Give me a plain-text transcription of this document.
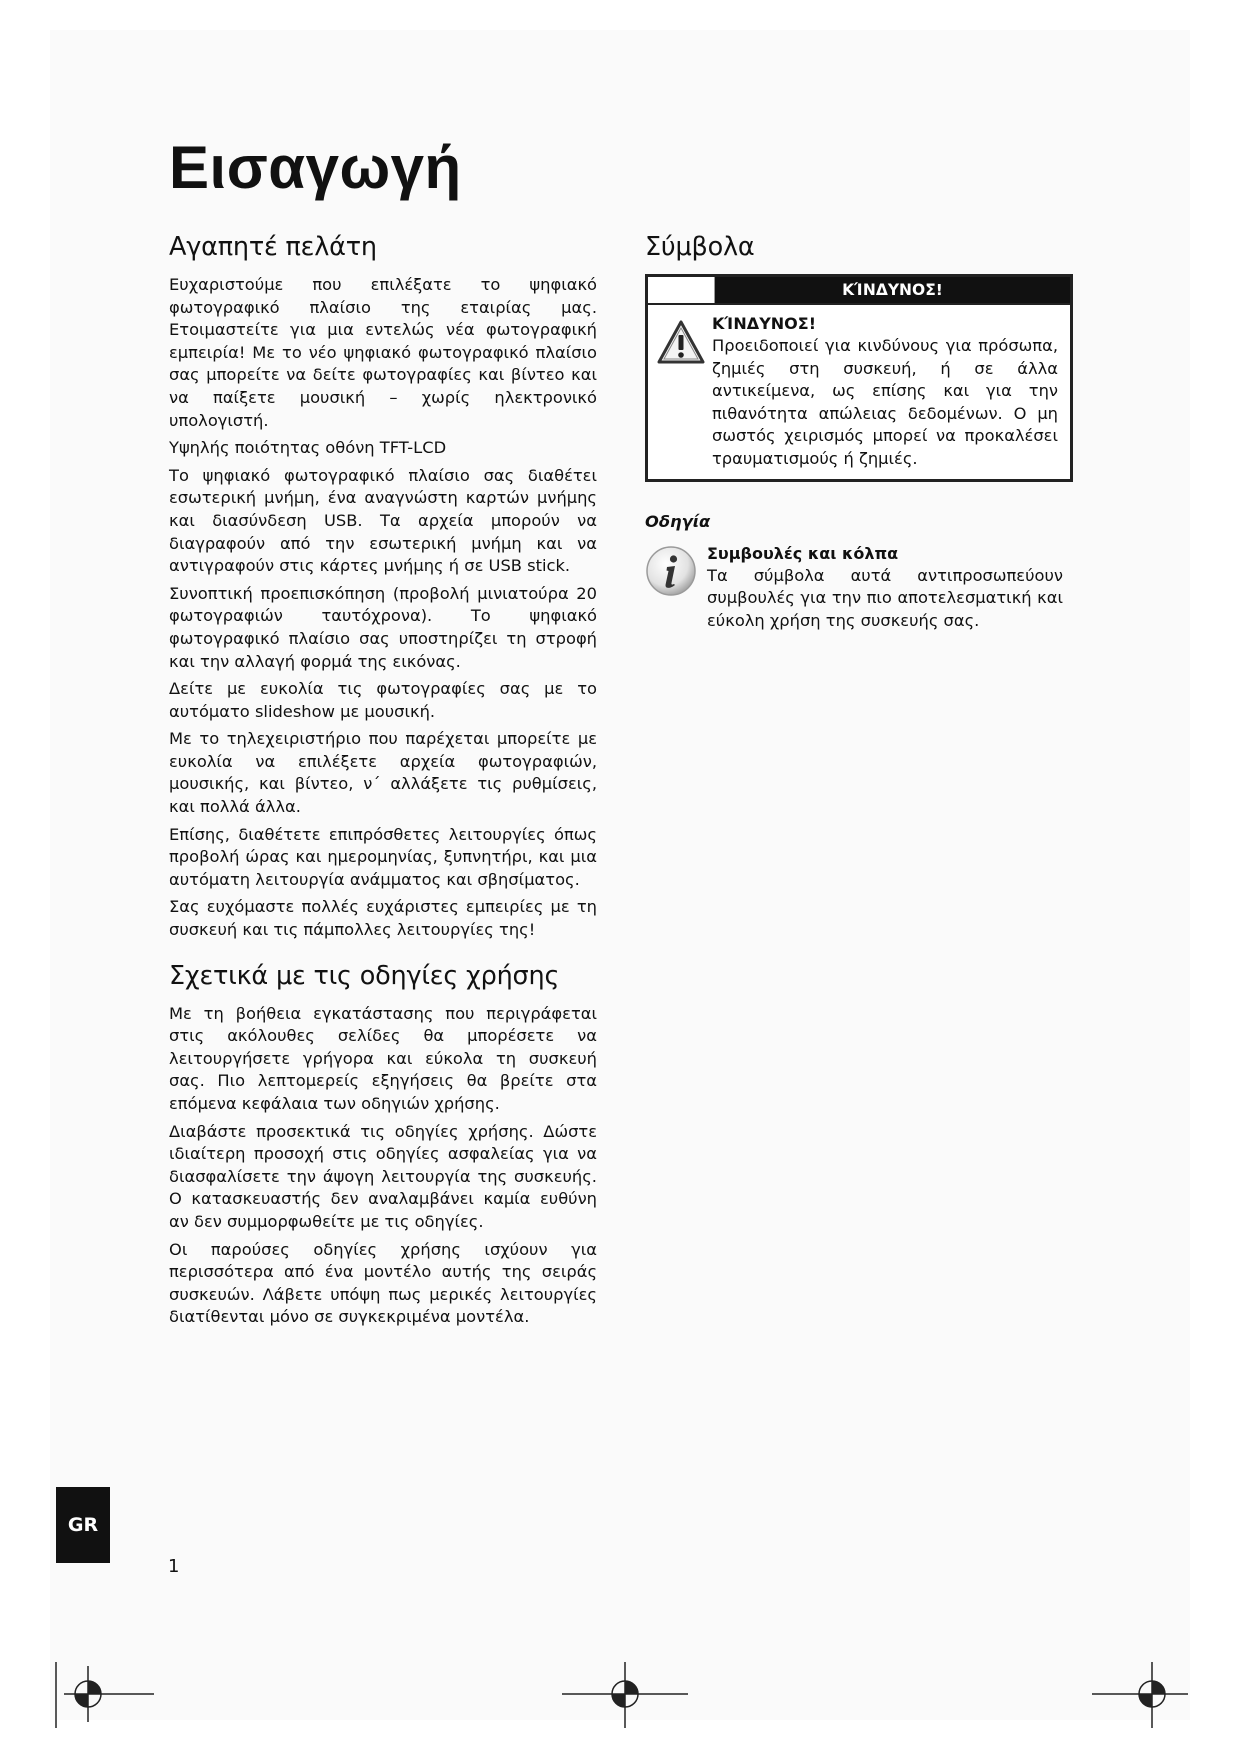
Εισαγωγή
Αγαπητέ πελάτη

Ευχαριστούμε που επιλέξατε το ψηφιακό φωτογραφικό πλαίσιο της εταιρίας μας. Ετοιμαστείτε για μια εντελώς νέα φωτογραφική εμπειρία! Με το νέο ψηφιακό φωτογραφικό πλαίσιο σας μπορείτε να δείτε φωτογραφίες και βίντεο και να παίξετε μουσική – χωρίς ηλεκτρονικό υπολογιστή.

Υψηλής ποιότητας οθόνη TFT-LCD

Το ψηφιακό φωτογραφικό πλαίσιο σας διαθέτει εσωτερική μνήμη, ένα αναγνώστη καρτών μνήμης και διασύνδεση USB. Τα αρχεία μπορούν να διαγραφούν από την εσωτερική μνήμη και να αντιγραφούν στις κάρτες μνήμης ή σε USB stick.

Συνοπτική προεπισκόπηση (προβολή μινιατούρα 20 φωτογραφιών ταυτόχρονα). Το ψηφιακό φωτογραφικό πλαίσιο σας υποστηρίζει τη στροφή και την αλλαγή φορμά της εικόνας.

Δείτε με ευκολία τις φωτογραφίες σας με το αυτόματο slideshow με μουσική.

Με το τηλεχειριστήριο που παρέχεται μπορείτε με ευκολία να επιλέξετε αρχεία φωτογραφιών, μουσικής, και βίντεο, ν΄ αλλάξετε τις ρυθμίσεις, και πολλά άλλα.

Επίσης, διαθέτετε επιπρόσθετες λειτουργίες όπως προβολή ώρας και ημερομηνίας, ξυπνητήρι, και μια αυτόματη λειτουργία ανάμματος και σβησίματος.

Σας ευχόμαστε πολλές ευχάριστες εμπειρίες με τη συσκευή και τις πάμπολλες λειτουργίες της!

Σχετικά με τις οδηγίες χρήσης

Με τη βοήθεια εγκατάστασης που περιγράφεται στις ακόλουθες σελίδες θα μπορέσετε να λειτουργήσετε γρήγορα και εύκολα τη συσκευή σας. Πιο λεπτομερείς εξηγήσεις θα βρείτε στα επόμενα κεφάλαια των οδηγιών χρήσης.

Διαβάστε προσεκτικά τις οδηγίες χρήσης. Δώστε ιδιαίτερη προσοχή στις οδηγίες ασφαλείας για να διασφαλίσετε την άψογη λειτουργία της συσκευής. Ο κατασκευαστής δεν αναλαμβάνει καμία ευθύνη αν δεν συμμορφωθείτε με τις οδηγίες.

Οι παρούσες οδηγίες χρήσης ισχύουν για περισσότερα από ένα μοντέλο αυτής της σειράς συσκευών. Λάβετε υπόψη πως μερικές λειτουργίες διατίθενται μόνο σε συγκεκριμένα μοντέλα.

Σύμβολα
ΚΊΝΔΥΝΟΣ!
ΚΊΝΔΥΝΟΣ!
Προειδοποιεί για κινδύνους για πρόσωπα, ζημιές στη συσκευή, ή σε άλλα αντικείμενα, ως επίσης και για την πιθανότητα απώλειας δεδομένων. Ο μη σωστός χειρισμός μπορεί να προκαλέσει τραυματισμούς ή ζημιές.
Οδηγία
Συμβουλές και κόλπα
Τα σύμβολα αυτά αντιπροσωπεύουν συμβουλές για την πιο αποτελεσματική και εύκολη χρήση της συσκευής σας.
GR
1
